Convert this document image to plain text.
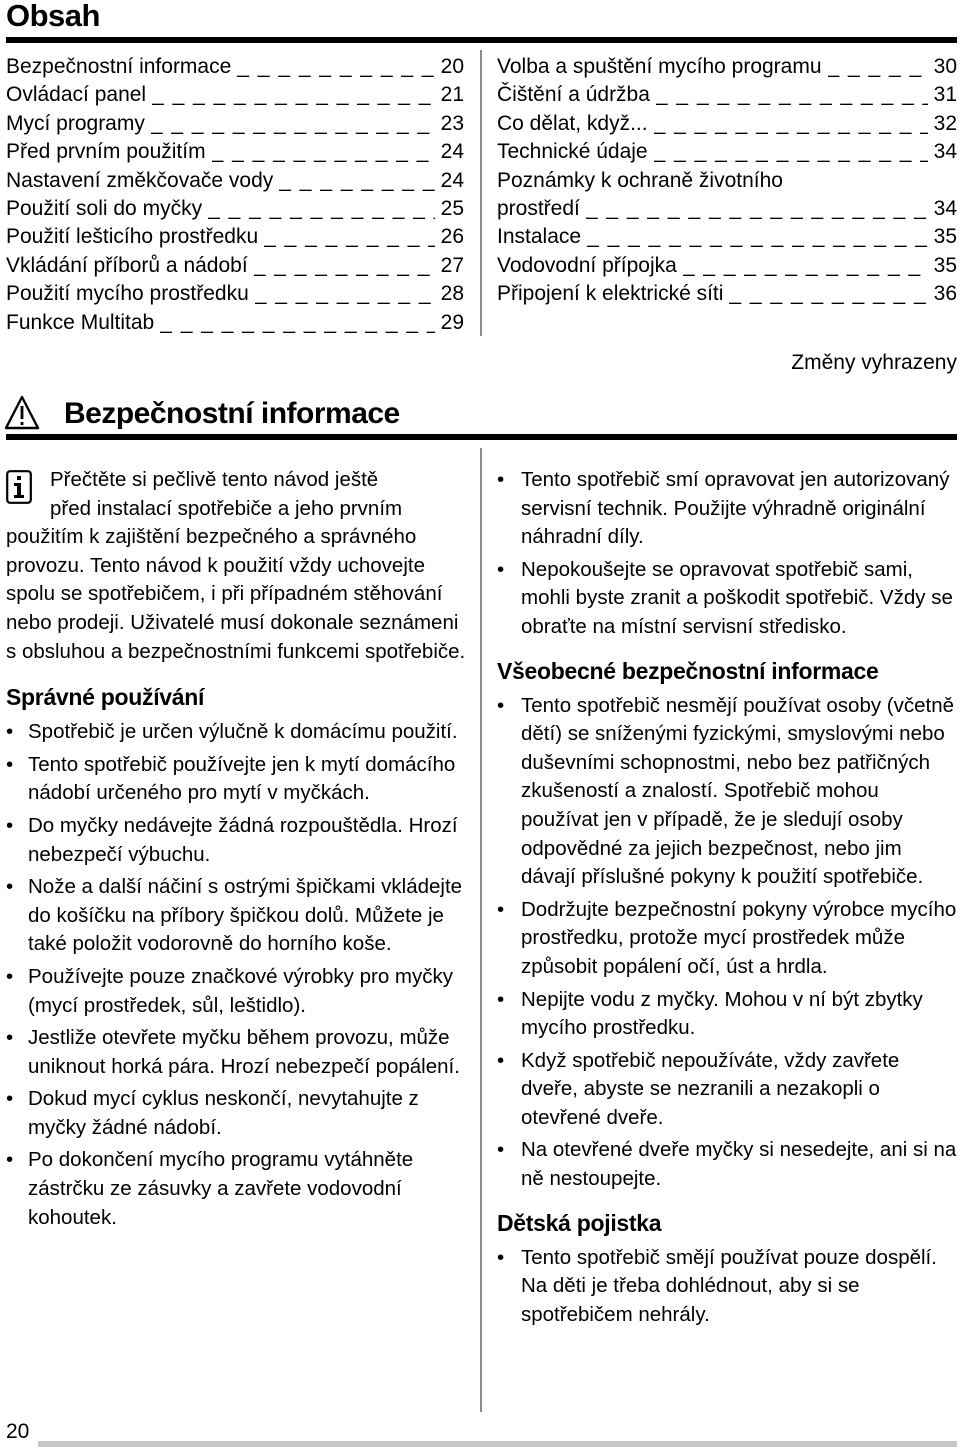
Obsah
Bezpečnostní informace _ _ _	20
Ovládací panel _ _ _	21
Mycí programy _ _ _	23
Před prvním použitím _ _ _	24
Nastavení změkčovače vody _ _ _	24
Použití soli do myčky _ _ _	25
Použití lešticího prostředku _ _ _	26
Vkládání příborů a nádobí _ _ _	27
Použití mycího prostředku _ _ _	28
Funkce Multitab _ _ _	29
Volba a spuštění mycího programu _ _ _	30
Čištění a údržba _ _ _	31
Co dělat, když... _ _ _	32
Technické údaje _ _ _	34
Poznámky k ochraně životního
prostředí _ _ _	34
Instalace _ _ _	35
Vodovodní přípojka _ _ _	35
Připojení k elektrické síti _ _ _	36
Změny vyhrazeny
Bezpečnostní informace

Přečtěte si pečlivě tento návod ještě
před instalací spotřebiče a jeho prvním použitím k zajištění bezpečného a správného provozu. Tento návod k použití vždy uchovejte spolu se spotřebičem, i při případném stěhování nebo prodeji. Uživatelé musí dokonale seznámeni s obsluhou a bezpečnostními funkcemi spotřebiče.

Správné používání
• Spotřebič je určen výlučně k domácímu použití.
• Tento spotřebič používejte jen k mytí domácího nádobí určeného pro mytí v myčkách.
• Do myčky nedávejte žádná rozpouštědla. Hrozí nebezpečí výbuchu.
• Nože a další náčiní s ostrými špičkami vkládejte do košíčku na příbory špičkou dolů. Můžete je také položit vodorovně do horního koše.
• Používejte pouze značkové výrobky pro myčky (mycí prostředek, sůl, leštidlo).
• Jestliže otevřete myčku během provozu, může uniknout horká pára. Hrozí nebezpečí popálení.
• Dokud mycí cyklus neskončí, nevytahujte z myčky žádné nádobí.
• Po dokončení mycího programu vytáhněte zástrčku ze zásuvky a zavřete vodovodní kohoutek.
• Tento spotřebič smí opravovat jen autorizovaný servisní technik. Použijte výhradně originální náhradní díly.
• Nepokoušejte se opravovat spotřebič sami, mohli byste zranit a poškodit spotřebič. Vždy se obraťte na místní servisní středisko.
Všeobecné bezpečnostní informace
• Tento spotřebič nesmějí používat osoby (včetně dětí) se sníženými fyzickými, smyslovými nebo duševními schopnostmi, nebo bez patřičných zkušeností a znalostí. Spotřebič mohou používat jen v případě, že je sledují osoby odpovědné za jejich bezpečnost, nebo jim dávají příslušné pokyny k použití spotřebiče.
• Dodržujte bezpečnostní pokyny výrobce mycího prostředku, protože mycí prostředek může způsobit popálení očí, úst a hrdla.
• Nepijte vodu z myčky. Mohou v ní být zbytky mycího prostředku.
• Když spotřebič nepoužíváte, vždy zavřete dveře, abyste se nezranili a nezakopli o otevřené dveře.
• Na otevřené dveře myčky si nesedejte, ani si na ně nestoupejte.
Dětská pojistka
• Tento spotřebič smějí používat pouze dospělí. Na děti je třeba dohlédnout, aby si se spotřebičem nehrály.
20
